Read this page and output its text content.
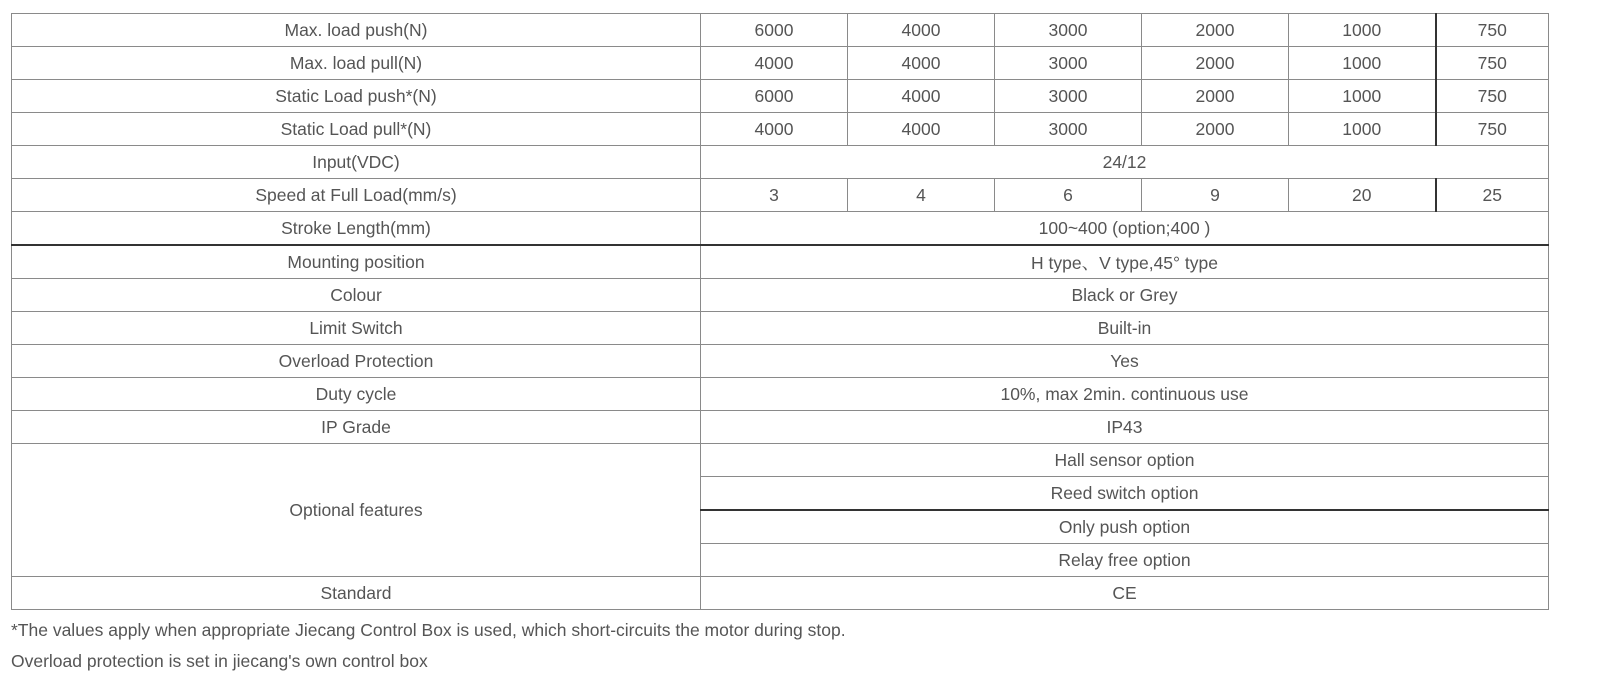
Max. load push(N)	6000	4000	3000	2000	1000	750
Max. load pull(N)	4000	4000	3000	2000	1000	750
Static Load push*(N)	6000	4000	3000	2000	1000	750
Static Load pull*(N)	4000	4000	3000	2000	1000	750
Input(VDC)	24/12					
Speed at Full Load(mm/s)	3	4	6	9	20	25
Stroke Length(mm)	100~400 (option;400 )					
Mounting position	H type、V type,45° type					
Colour	Black or Grey					
Limit Switch	Built-in					
Overload Protection	Yes					
Duty cycle	10%, max 2min. continuous use					
IP Grade	IP43					
Optional features	Hall sensor option					
	Reed switch option					
	Only push option					
	Relay free option					
Standard	CE					
*The values apply when appropriate Jiecang Control Box is used, which short-circuits the motor during stop.
Overload protection is set in jiecang's own control box
